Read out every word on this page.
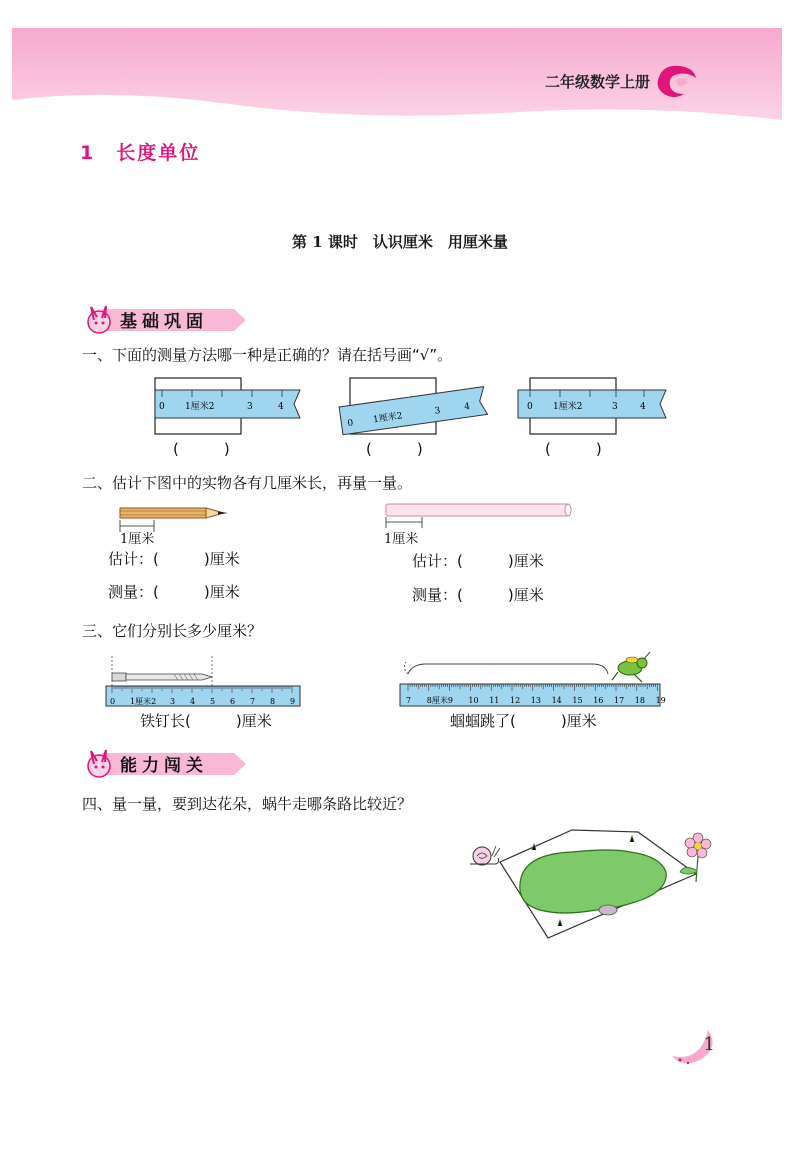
二年级数学上册
1　长度单位
第 1 课时　认识厘米　用厘米量
基础巩固
一、下面的测量方法哪一种是正确的？请在括号画“√”。
0 1厘米2	3	4
(　　　)
0 1厘米2	3	4
(　　　)
0 1厘米2	3 4
(　　　)
二、估计下图中的实物各有几厘米长，再量一量。
1厘米
估计：(　　　)厘米
测量：(　　　)厘米
1厘米
估计：(　　　)厘米
测量：(　　　)厘米
三、它们分别长多少厘米？
0 1厘米2 3 4 5 6 7 8 9
铁钉长(　　　)厘米
7 8厘米9 10 11 12 13 14 15 16 17 18 19
蝈蝈跳了(　　　)厘米
能力闯关
四、量一量，要到达花朵，蜗牛走哪条路比较近？
1
